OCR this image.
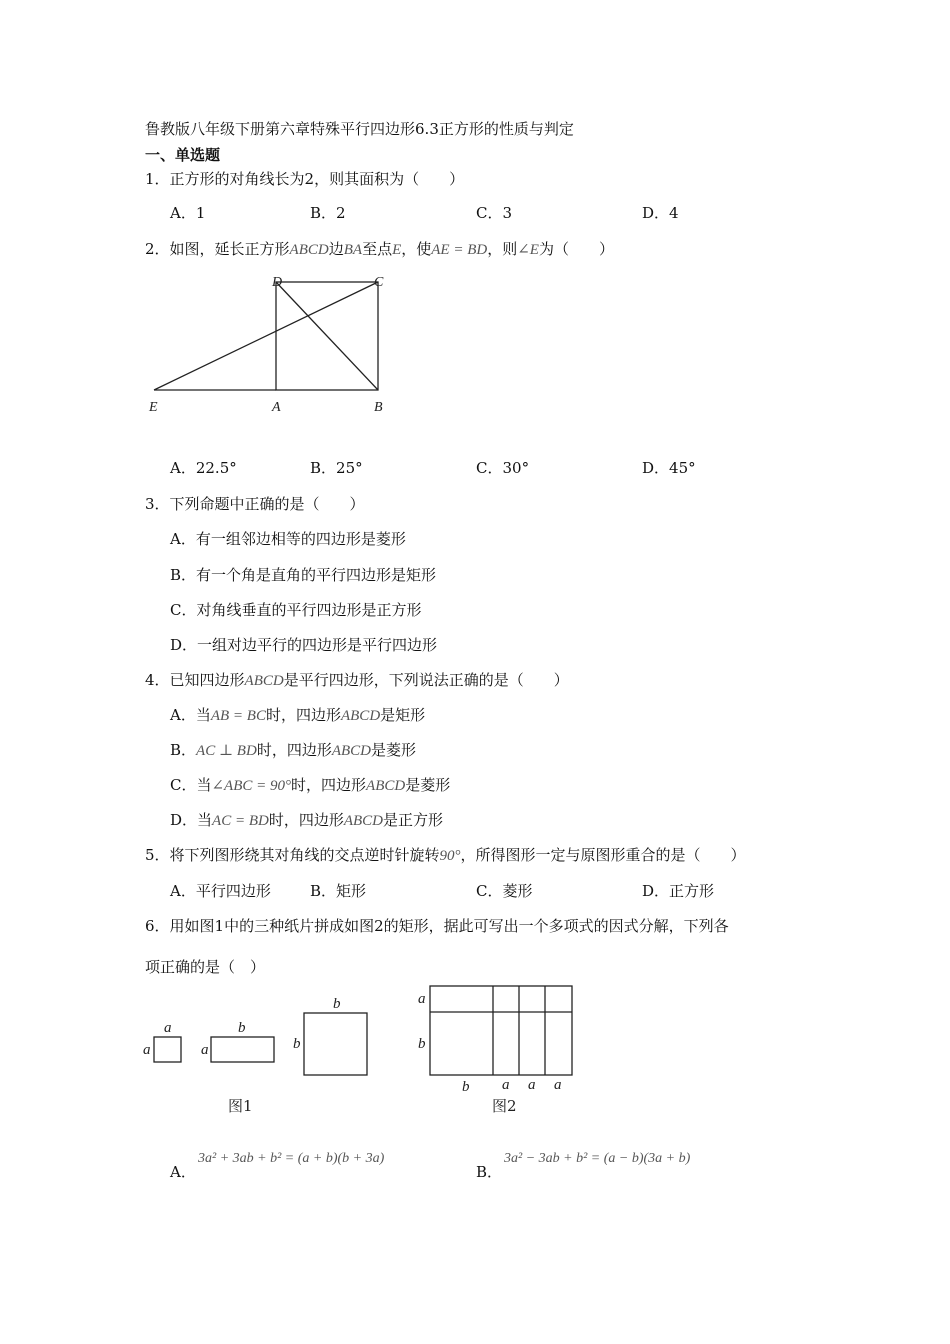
鲁教版八年级下册第六章特殊平行四边形6.3正方形的性质与判定
一、单选题
1．正方形的对角线长为2，则其面积为（　　）
A．1	B．2	C．3	D．4
2．如图，延长正方形ABCD边BA至点E，使AE = BD，则∠E为（　　）
D	C
E	A	B
A．22.5°	B．25°	C．30°	D．45°
3．下列命题中正确的是（　　）
A．有一组邻边相等的四边形是菱形
B．有一个角是直角的平行四边形是矩形
C．对角线垂直的平行四边形是正方形
D．一组对边平行的四边形是平行四边形
4．已知四边形ABCD是平行四边形，下列说法正确的是（　　）
A．当AB = BC时，四边形ABCD是矩形
B．AC ⊥ BD时，四边形ABCD是菱形
C．当∠ABC = 90°时，四边形ABCD是菱形
D．当AC = BD时，四边形ABCD是正方形
5．将下列图形绕其对角线的交点逆时针旋转90°，所得图形一定与原图形重合的是（　　）
A．平行四边形	B．矩形	C．菱形	D．正方形
6．用如图1中的三种纸片拼成如图2的矩形，据此可写出一个多项式的因式分解，下列各
项正确的是（　）
a
a
b
a
b
b
图1
a
b
b a a a
图2
A．
3a² + 3ab + b² = (a + b)(b + 3a)
B．
3a² − 3ab + b² = (a − b)(3a + b)
